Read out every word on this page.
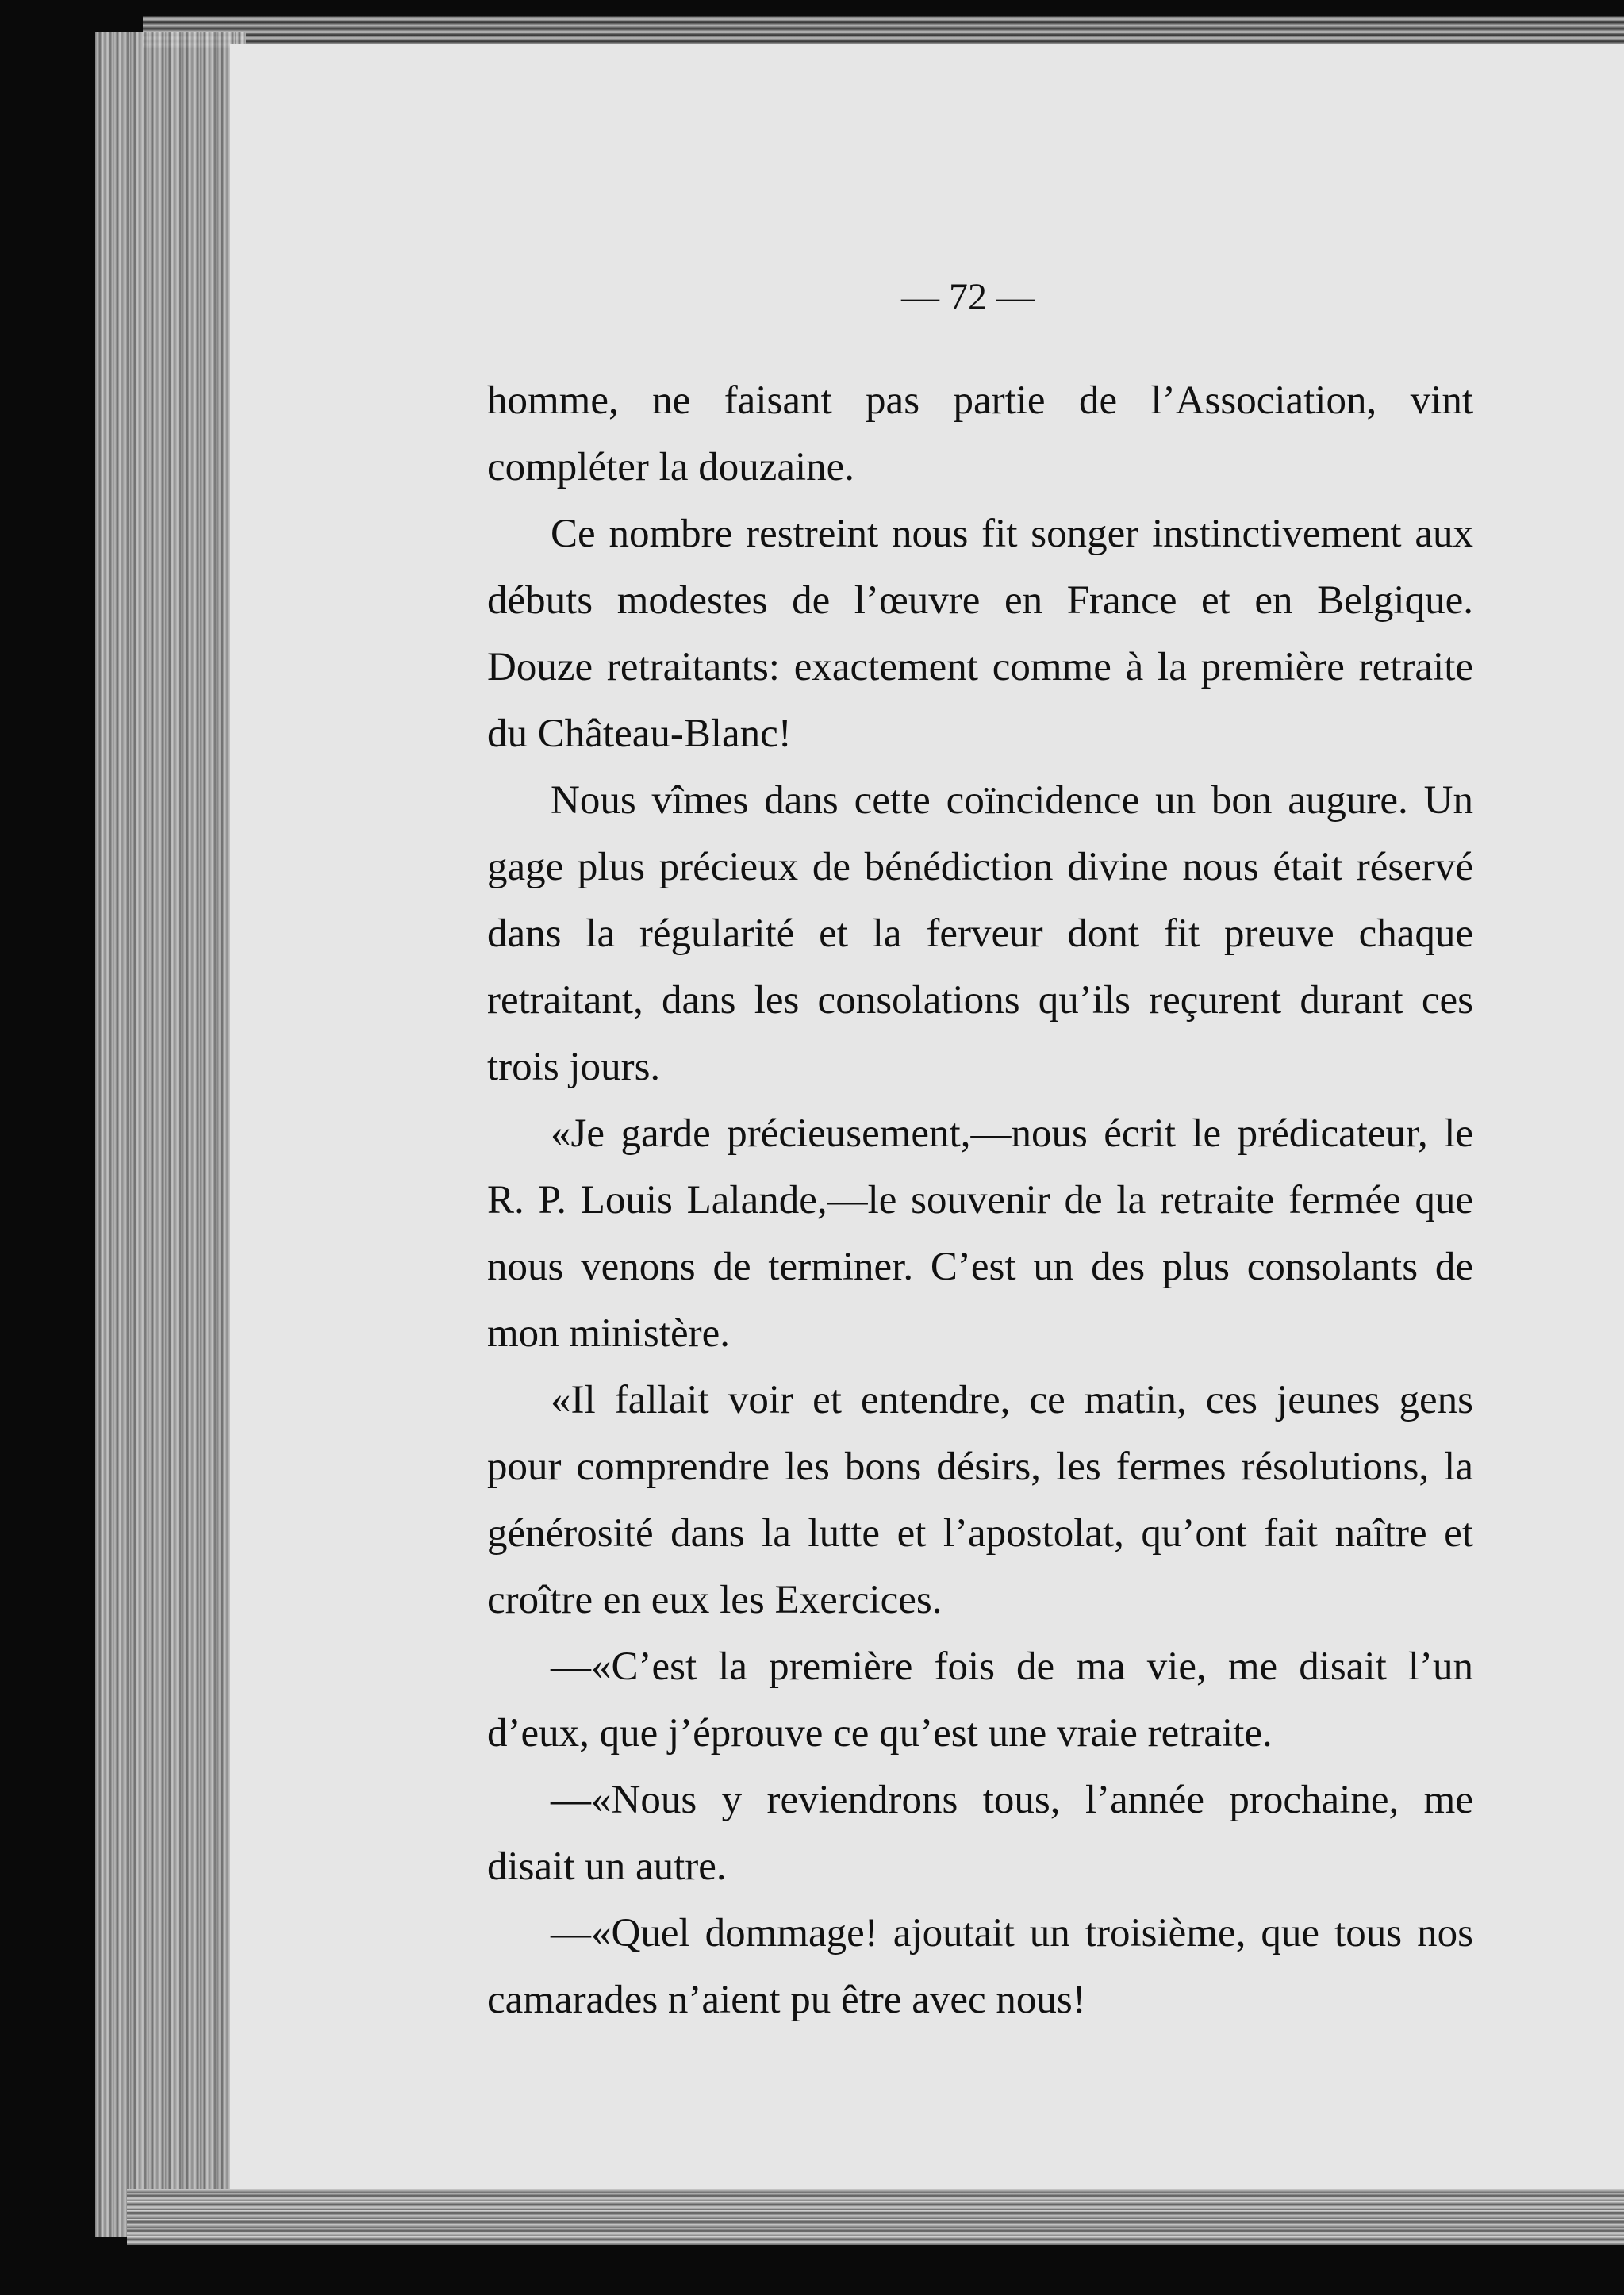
— 72 —

homme, ne faisant pas partie de l’Association, vint compléter la douzaine.

Ce nombre restreint nous fit songer instinctivement aux débuts modestes de l’œuvre en France et en Belgique. Douze retraitants: exactement comme à la première retraite du Château-Blanc!

Nous vîmes dans cette coïncidence un bon augure. Un gage plus précieux de bénédiction divine nous était réservé dans la régularité et la ferveur dont fit preuve chaque retraitant, dans les consolations qu’ils reçurent durant ces trois jours.

«Je garde précieusement,—nous écrit le prédicateur, le R. P. Louis Lalande,—le souvenir de la retraite fermée que nous venons de terminer. C’est un des plus consolants de mon ministère.

«Il fallait voir et entendre, ce matin, ces jeunes gens pour comprendre les bons désirs, les fermes résolutions, la générosité dans la lutte et l’apostolat, qu’ont fait naître et croître en eux les Exercices.

—«C’est la première fois de ma vie, me disait l’un d’eux, que j’éprouve ce qu’est une vraie retraite.

—«Nous y reviendrons tous, l’année prochaine, me disait un autre.

—«Quel dommage! ajoutait un troisième, que tous nos camarades n’aient pu être avec nous!
